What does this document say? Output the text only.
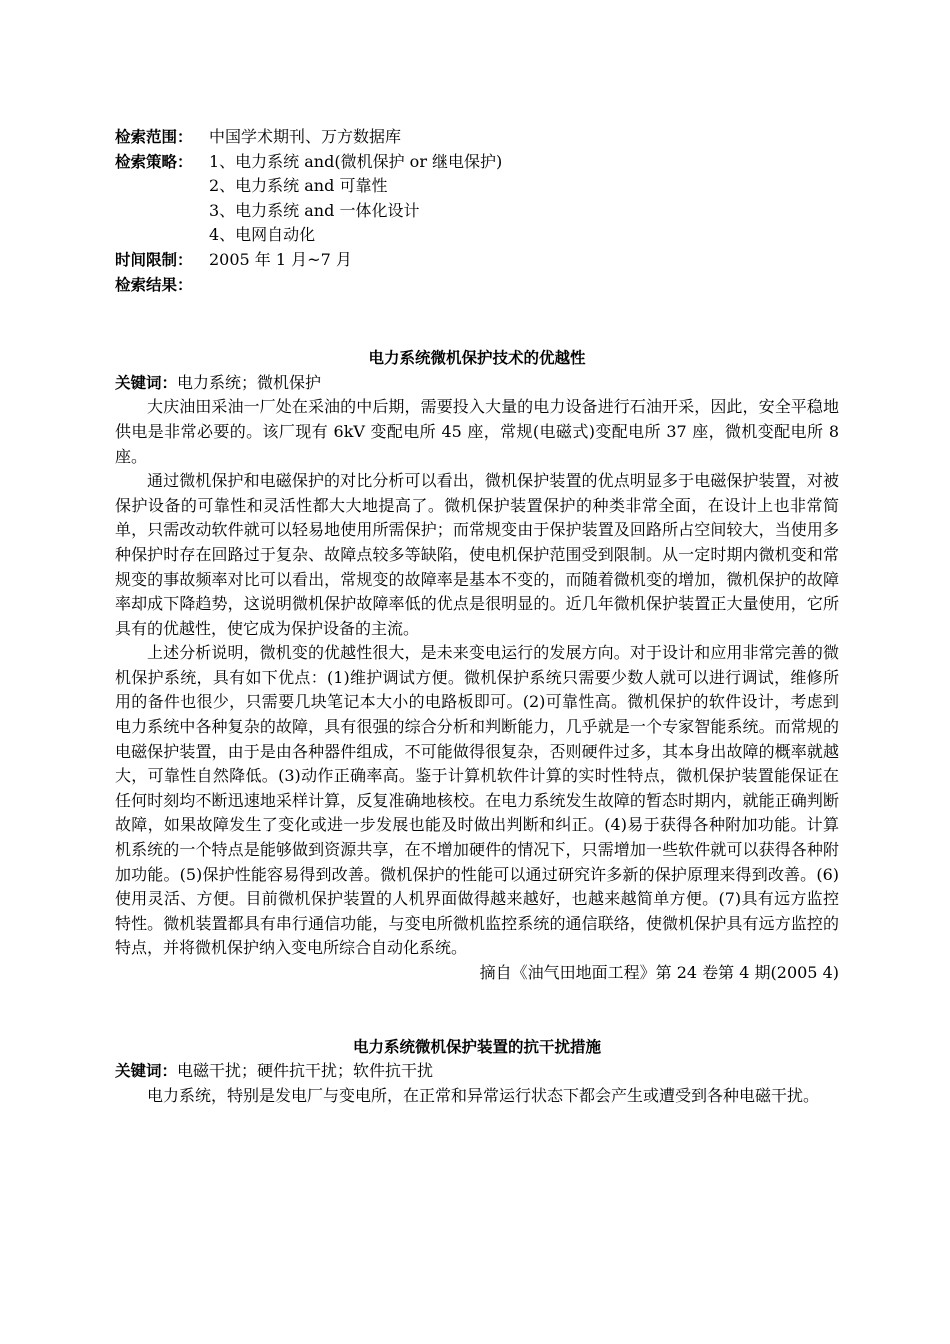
检索范围：	中国学术期刊、万方数据库
检索策略：	1、电力系统 and(微机保护 or 继电保护)
2、电力系统 and 可靠性
3、电力系统 and 一体化设计
4、电网自动化
时间限制：	2005 年 1 月~7 月
检索结果：

电力系统微机保护技术的优越性

关键词：电力系统；微机保护

大庆油田采油一厂处在采油的中后期，需要投入大量的电力设备进行石油开采，因此，安全平稳地供电是非常必要的。该厂现有 6kV 变配电所 45 座，常规(电磁式)变配电所 37 座，微机变配电所 8 座。

通过微机保护和电磁保护的对比分析可以看出，微机保护装置的优点明显多于电磁保护装置，对被保护设备的可靠性和灵活性都大大地提高了。微机保护装置保护的种类非常全面，在设计上也非常简单，只需改动软件就可以轻易地使用所需保护；而常规变由于保护装置及回路所占空间较大，当使用多种保护时存在回路过于复杂、故障点较多等缺陷，使电机保护范围受到限制。从一定时期内微机变和常规变的事故频率对比可以看出，常规变的故障率是基本不变的，而随着微机变的增加，微机保护的故障率却成下降趋势，这说明微机保护故障率低的优点是很明显的。近几年微机保护装置正大量使用，它所具有的优越性，使它成为保护设备的主流。

上述分析说明，微机变的优越性很大，是未来变电运行的发展方向。对于设计和应用非常完善的微机保护系统，具有如下优点：(1)维护调试方便。微机保护系统只需要少数人就可以进行调试，维修所用的备件也很少，只需要几块笔记本大小的电路板即可。(2)可靠性高。微机保护的软件设计，考虑到电力系统中各种复杂的故障，具有很强的综合分析和判断能力，几乎就是一个专家智能系统。而常规的电磁保护装置，由于是由各种器件组成，不可能做得很复杂，否则硬件过多，其本身出故障的概率就越大，可靠性自然降低。(3)动作正确率高。鉴于计算机软件计算的实时性特点，微机保护装置能保证在任何时刻均不断迅速地采样计算，反复准确地核校。在电力系统发生故障的暂态时期内，就能正确判断故障，如果故障发生了变化或进一步发展也能及时做出判断和纠正。(4)易于获得各种附加功能。计算机系统的一个特点是能够做到资源共享，在不增加硬件的情况下，只需增加一些软件就可以获得各种附加功能。(5)保护性能容易得到改善。微机保护的性能可以通过研究许多新的保护原理来得到改善。(6)使用灵活、方便。目前微机保护装置的人机界面做得越来越好，也越来越简单方便。(7)具有远方监控特性。微机装置都具有串行通信功能，与变电所微机监控系统的通信联络，使微机保护具有远方监控的特点，并将微机保护纳入变电所综合自动化系统。

摘自《油气田地面工程》第 24 卷第 4 期(2005 4)

电力系统微机保护装置的抗干扰措施

关键词：电磁干扰；硬件抗干扰；软件抗干扰

电力系统，特别是发电厂与变电所，在正常和异常运行状态下都会产生或遭受到各种电磁干扰。
